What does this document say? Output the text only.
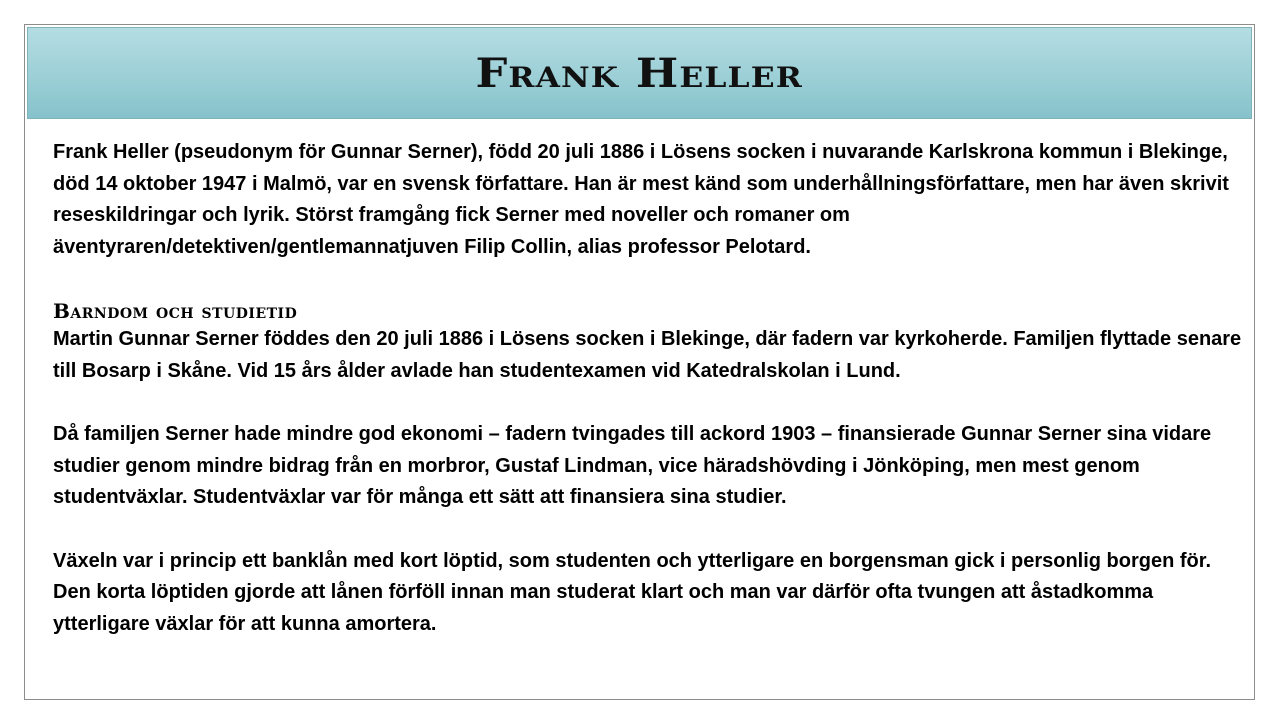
Frank Heller

Frank Heller (pseudonym för Gunnar Serner), född 20 juli 1886 i Lösens socken i nuvarande Karlskrona kommun i Blekinge, död 14 oktober 1947 i Malmö, var en svensk författare. Han är mest känd som underhållningsförfattare, men har även skrivit reseskildringar och lyrik. Störst framgång fick Serner med noveller och romaner om äventyraren/detektiven/gentlemannatjuven Filip Collin, alias professor Pelotard.

Barndom och studietid

Martin Gunnar Serner föddes den 20 juli 1886 i Lösens socken i Blekinge, där fadern var kyrkoherde. Familjen flyttade senare till Bosarp i Skåne. Vid 15 års ålder avlade han studentexamen vid Katedralskolan i Lund.

Då familjen Serner hade mindre god ekonomi – fadern tvingades till ackord 1903 – finansierade Gunnar Serner sina vidare studier genom mindre bidrag från en morbror, Gustaf Lindman, vice häradshövding i Jönköping, men mest genom studentväxlar. Studentväxlar var för många ett sätt att finansiera sina studier.

Växeln var i princip ett banklån med kort löptid, som studenten och ytterligare en borgensman gick i personlig borgen för. Den korta löptiden gjorde att lånen förföll innan man studerat klart och man var därför ofta tvungen att åstadkomma ytterligare växlar för att kunna amortera.
